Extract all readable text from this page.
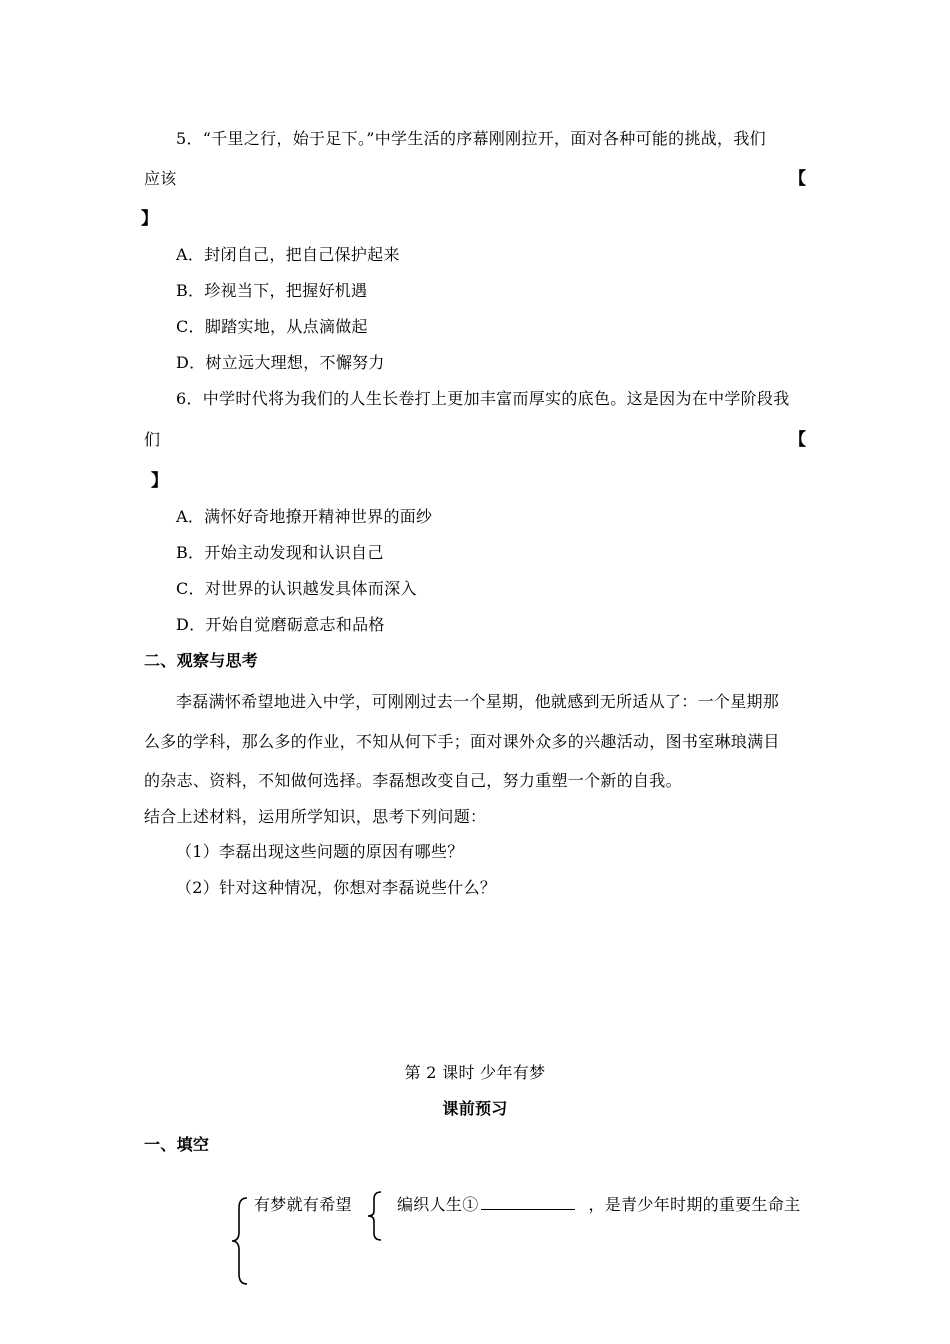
5．“千里之行，始于足下。”中学生活的序幕刚刚拉开，面对各种可能的挑战，我们
应该	【
】
A．封闭自己，把自己保护起来
B．珍视当下，把握好机遇
C．脚踏实地，从点滴做起
D．树立远大理想，不懈努力
6．中学时代将为我们的人生长卷打上更加丰富而厚实的底色。这是因为在中学阶段我
们	【
】
A．满怀好奇地撩开精神世界的面纱
B．开始主动发现和认识自己
C．对世界的认识越发具体而深入
D．开始自觉磨砺意志和品格
二、观察与思考
李磊满怀希望地进入中学，可刚刚过去一个星期，他就感到无所适从了：一个星期那
么多的学科，那么多的作业，不知从何下手；面对课外众多的兴趣活动，图书室琳琅满目
的杂志、资料，不知做何选择。李磊想改变自己，努力重塑一个新的自我。
结合上述材料，运用所学知识，思考下列问题：
（1）李磊出现这些问题的原因有哪些？
（2）针对这种情况，你想对李磊说些什么？
第 2 课时 少年有梦
课前预习
一、填空
有梦就有希望	编织人生①	，是青少年时期的重要生命主
